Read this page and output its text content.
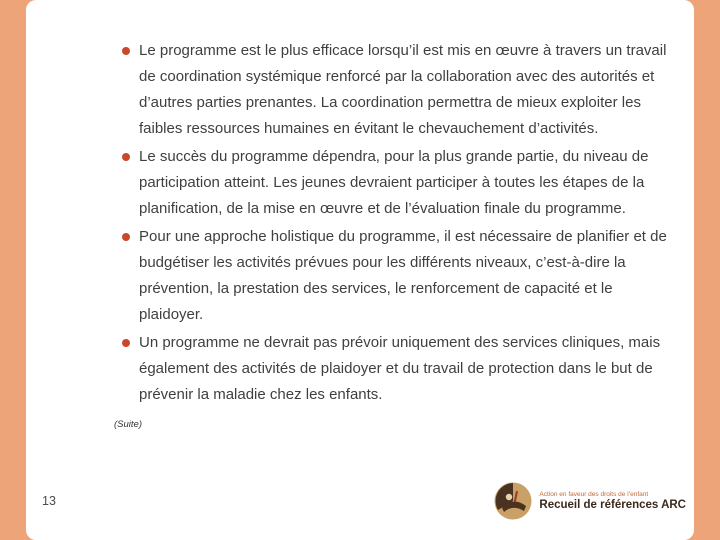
Le programme est le plus efficace lorsqu’il est mis en œuvre à travers un travail de coordination systémique renforcé par la collaboration avec des autorités et d’autres parties prenantes. La coordination permettra de mieux exploiter les faibles ressources humaines en évitant le chevauchement d’activités.
Le succès du programme dépendra, pour la plus grande partie, du niveau de participation atteint. Les jeunes devraient participer à toutes les étapes de la planification, de la mise en œuvre et de l’évaluation finale du programme.
Pour une approche holistique du programme, il est nécessaire de planifier et de budgétiser les activités prévues pour les différents niveaux, c’est-à-dire la prévention, la prestation des services, le renforcement de capacité et le plaidoyer.
Un programme ne devrait pas prévoir uniquement des services cliniques, mais également des activités de plaidoyer et du travail de protection dans le but de prévenir la maladie chez les enfants.
(Suite)
13	Action en faveur des droits de l’enfant
Recueil de références ARC
